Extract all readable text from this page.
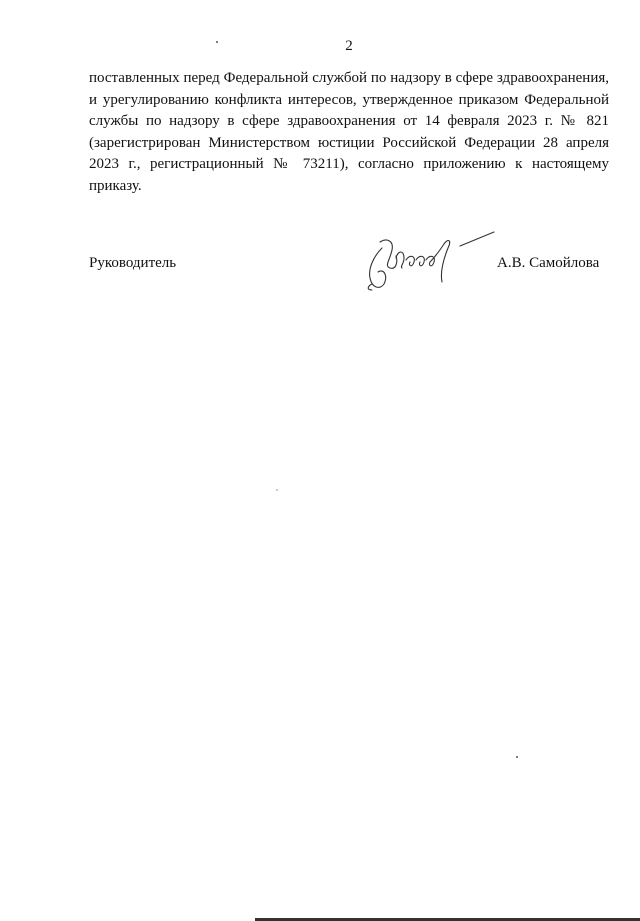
2

поставленных перед Федеральной службой по надзору в сфере здравоохранения, и урегулированию конфликта интересов, утвержденное приказом Федеральной службы по надзору в сфере здравоохранения от 14 февраля 2023 г. № 821 (зарегистрирован Министерством юстиции Российской Федерации 28 апреля 2023 г., регистрационный № 73211), согласно приложению к настоящему приказу.

Руководитель	А.В. Самойлова
